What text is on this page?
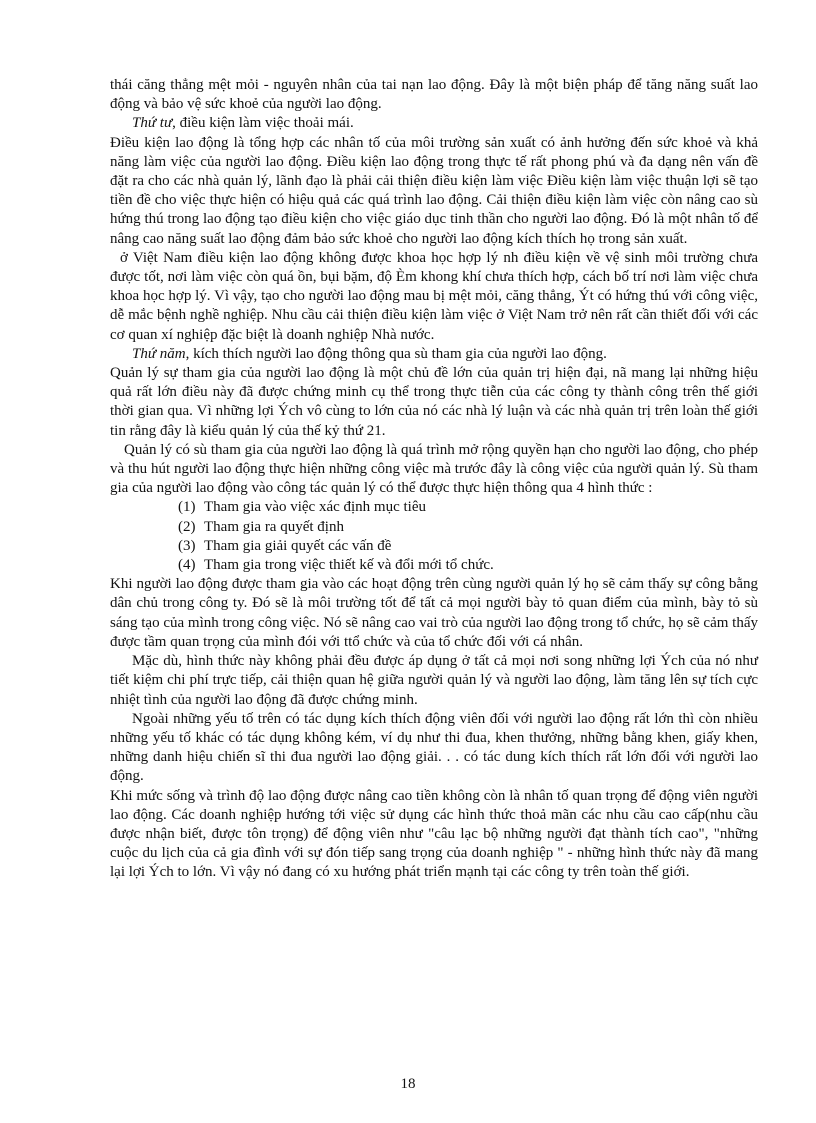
thái căng thẳng mệt mỏi - nguyên nhân của tai nạn lao động. Đây là một biện pháp để tăng năng suất lao động và bảo vệ sức khoẻ của người lao động.

Thứ tư, điều kiện làm việc thoải mái.

Điều kiện lao động là tổng hợp các nhân tố của môi trường sản xuất có ảnh hưởng đến sức khoẻ và khả năng làm việc của người lao động. Điều kiện lao động trong thực tế rất phong phú và đa dạng nên vấn đề đặt ra cho các nhà quản lý, lãnh đạo là phải cải thiện điều kiện làm việc Điều kiện làm việc thuận lợi sẽ tạo tiền đề cho việc thực hiện có hiệu quả các quá trình lao động. Cải thiện điều kiện làm việc còn nâng cao sù hứng thú trong lao động tạo điều kiện cho việc giáo dục tinh thần cho người lao động. Đó là một nhân tố để nâng cao năng suất lao động đảm bảo sức khoẻ cho người lao động kích thích họ trong sản xuất.

ở Việt Nam điều kiện lao động không được khoa học hợp lý nh điều kiện về vệ sinh môi trường chưa được tốt, nơi làm việc còn quá ồn, bụi bặm, độ Èm khong khí chưa thích hợp, cách bố trí nơi làm việc chưa khoa học hợp lý. Vì vậy, tạo cho người lao động mau bị mệt mỏi, căng thẳng, Ýt có hứng thú với công việc, dễ mắc bệnh nghề nghiệp. Nhu cầu cải thiện điều kiện làm việc ở Việt Nam trở nên rất cần thiết đối với các cơ quan xí nghiệp đặc biệt là doanh nghiệp Nhà nước.

Thứ năm, kích thích người lao động thông qua sù tham gia của người lao động.

Quản lý sự tham gia của người lao động là một chủ đề lớn của quản trị hiện đại, nã mang lại những hiệu quả rất lớn điều này đã được chứng minh cụ thể trong thực tiễn của các công ty thành công trên thế giới thời gian qua. Vì những lợi Ých vô cùng to lớn của nó các nhà lý luận và các nhà quản trị trên loàn thế giới tin rằng đây là kiểu quản lý của thế kỷ thứ 21.

Quản lý có sù tham gia của người lao động là quá trình mở rộng quyền hạn cho người lao động, cho phép và thu hút người lao động thực hiện những công việc mà trước đây là công việc của người quản lý. Sù tham gia của người lao động vào công tác quản lý có thể được thực hiện thông qua 4 hình thức :

(1) Tham gia vào việc xác định mục tiêu
(2) Tham gia ra quyết định
(3) Tham gia giải quyết các vấn đề
(4) Tham gia trong việc thiết kế và đổi mới tổ chức.

Khi người lao động được tham gia vào các hoạt động trên cùng người quản lý họ sẽ cảm thấy sự công bằng dân chủ trong công ty. Đó sẽ là môi trường tốt để tất cả mọi người bày tỏ quan điểm của mình, bày tỏ sù sáng tạo của mình trong công việc. Nó sẽ nâng cao vai trò của người lao động trong tổ chức, họ sẽ cảm thấy được tầm quan trọng của mình đói với ttổ chức và của tổ chức đối với cá nhân.

Mặc dù, hình thức này không phải đều được áp dụng ở tất cả mọi nơi song những lợi Ých của nó như tiết kiệm chi phí trực tiếp, cải thiện quan hệ giữa người quản lý và người lao động, làm tăng lên sự tích cực nhiệt tình của người lao động đã được chứng minh.

Ngoài những yếu tố trên có tác dụng kích thích động viên đối với người lao động rất lớn thì còn nhiều những yếu tố khác có tác dụng không kém, ví dụ như thi đua, khen thưởng, những bằng khen, giấy khen, những danh hiệu chiến sĩ thi đua người lao động giải. . . có tác dung kích thích rất lớn đối với người lao động.

Khi mức sống và trình độ lao động được nâng cao tiền không còn là nhân tố quan trọng để động viên người lao động. Các doanh nghiệp hướng tới việc sử dụng các hình thức thoả mãn các nhu cầu cao cấp(nhu cầu được nhận biết, được tôn trọng) để động viên như "câu lạc bộ những người đạt thành tích cao", "những cuộc du lịch của cả gia đình với sự đón tiếp sang trọng của doanh nghiệp " - những hình thức này đã mang lại lợi Ých to lớn. Vì vậy nó đang có xu hướng phát triển mạnh tại các công ty trên toàn thế giới.

18
